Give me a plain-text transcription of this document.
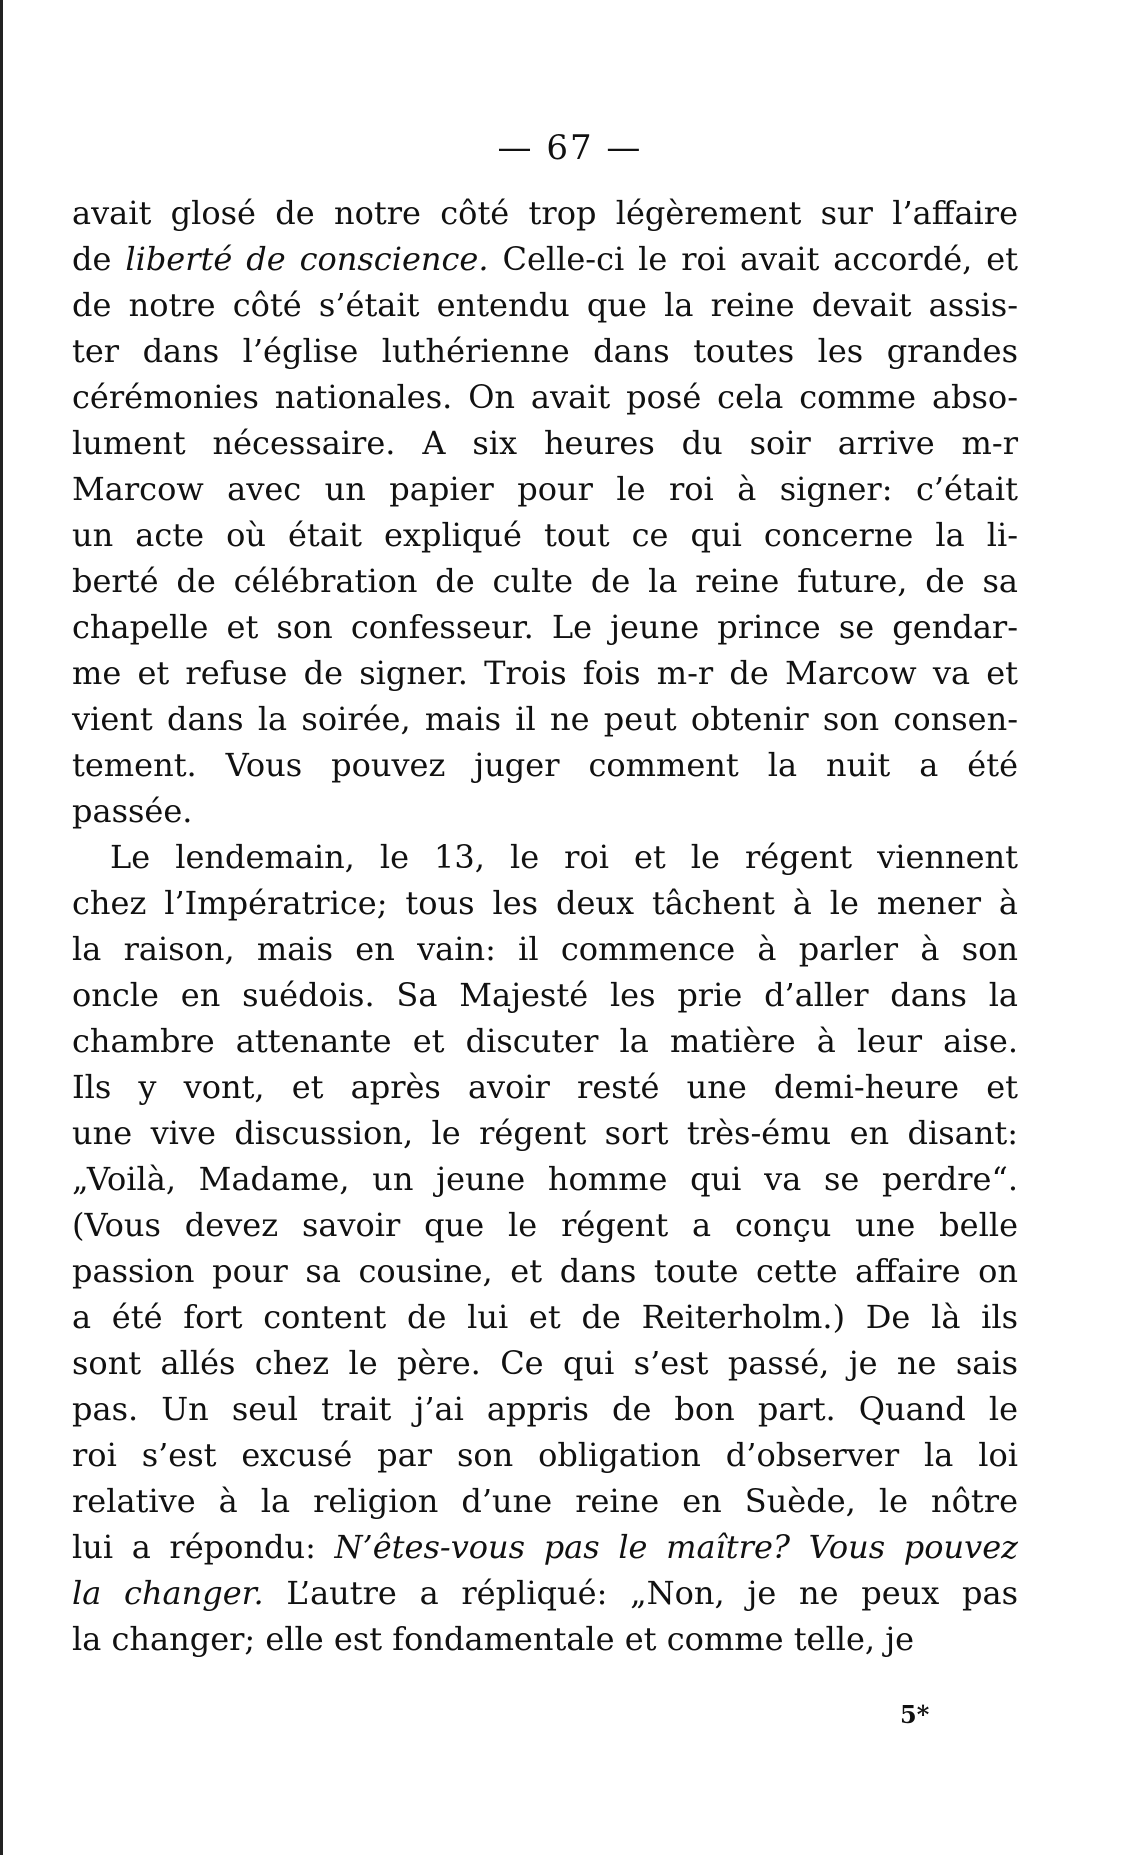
— 67 —
avait glosé de notre côté trop légèrement sur l’affaire
de liberté de conscience. Celle-ci le roi avait accordé, et
de notre côté s’était entendu que la reine devait assis-
ter dans l’église luthérienne dans toutes les grandes
cérémonies nationales. On avait posé cela comme abso-
lument nécessaire. A six heures du soir arrive m-r
Marcow avec un papier pour le roi à signer: c’était
un acte où était expliqué tout ce qui concerne la li-
berté de célébration de culte de la reine future, de sa
chapelle et son confesseur. Le jeune prince se gendar-
me et refuse de signer. Trois fois m-r de Marcow va et
vient dans la soirée, mais il ne peut obtenir son consen-
tement. Vous pouvez juger comment la nuit a été
passée.
Le lendemain, le 13, le roi et le régent viennent
chez l’Impératrice; tous les deux tâchent à le mener à
la raison, mais en vain: il commence à parler à son
oncle en suédois. Sa Majesté les prie d’aller dans la
chambre attenante et discuter la matière à leur aise.
Ils y vont, et après avoir resté une demi-heure et
une vive discussion, le régent sort très-ému en disant:
„Voilà, Madame, un jeune homme qui va se perdre“.
(Vous devez savoir que le régent a conçu une belle
passion pour sa cousine, et dans toute cette affaire on
a été fort content de lui et de Reiterholm.) De là ils
sont allés chez le père. Ce qui s’est passé, je ne sais
pas. Un seul trait j’ai appris de bon part. Quand le
roi s’est excusé par son obligation d’observer la loi
relative à la religion d’une reine en Suède, le nôtre
lui a répondu: N’êtes-vous pas le maître? Vous pouvez
la changer. L’autre a répliqué: „Non, je ne peux pas
la changer; elle est fondamentale et comme telle, je
5*
